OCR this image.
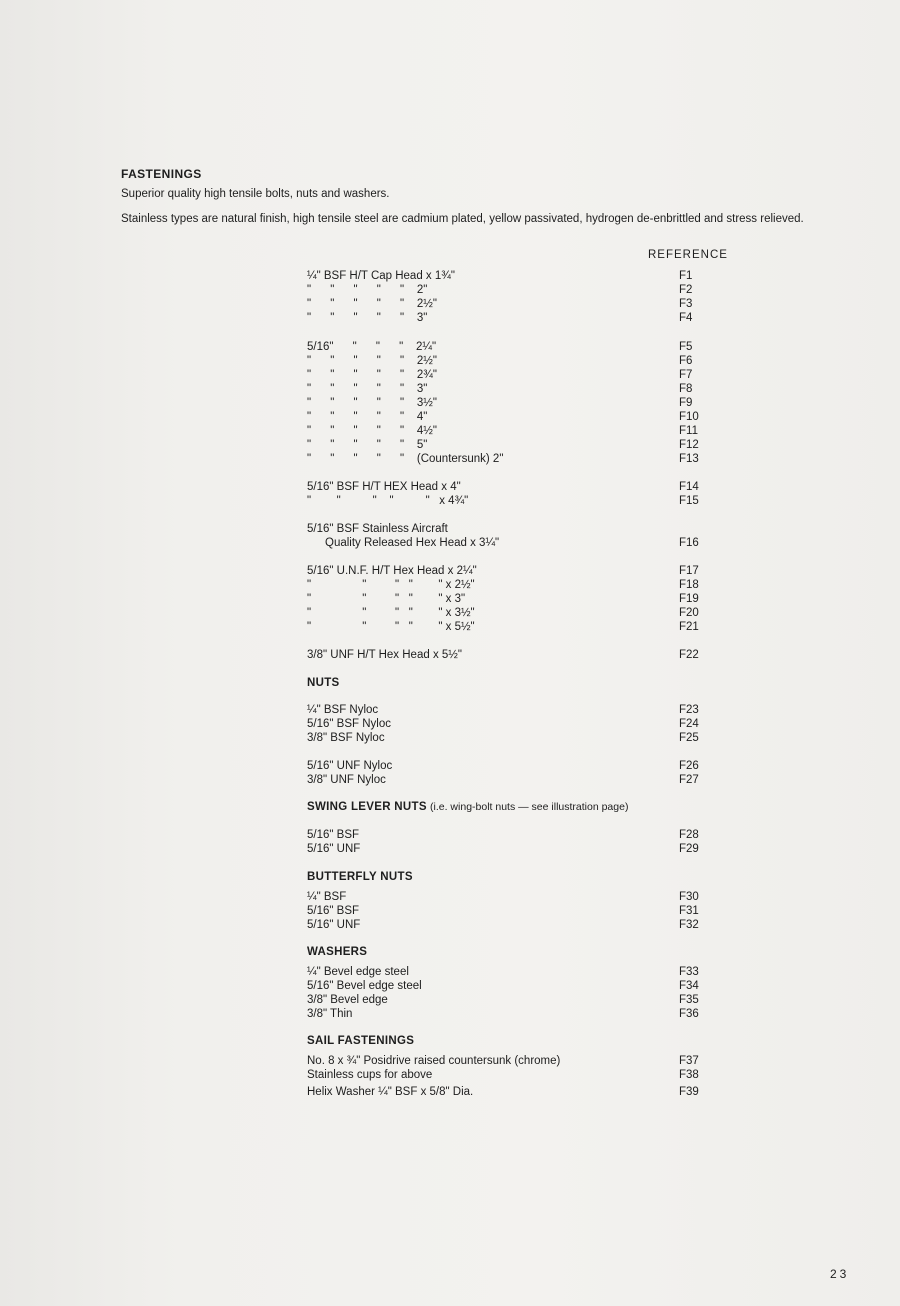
FASTENINGS
Superior quality high tensile bolts, nuts and washers.
Stainless types are natural finish, high tensile steel are cadmium plated, yellow passivated, hydrogen de-enbrittled and stress relieved.
REFERENCE
¼" BSF H/T Cap Head x 1¾"	F1
"      "      "      "      "    2"	F2
"      "      "      "      "    2½"	F3
"      "      "      "      "    3"	F4
5/16"      "      "      "    2¼"	F5
"      "      "      "      "    2½"	F6
"      "      "      "      "    2¾"	F7
"      "      "      "      "    3"	F8
"      "      "      "      "    3½"	F9
"      "      "      "      "    4"	F10
"      "      "      "      "    4½"	F11
"      "      "      "      "    5"	F12
"      "      "      "      "    (Countersunk) 2"	F13
5/16" BSF H/T HEX Head x 4"	F14
"        "          "    "          "   x 4¾"	F15
5/16" BSF Stainless Aircraft
Quality Released Hex Head x 3¼"	F16
5/16" U.N.F. H/T Hex Head x 2¼"	F17
"                "         "   "        " x 2½"	F18
"                "         "   "        " x 3"	F19
"                "         "   "        " x 3½"	F20
"                "         "   "        " x 5½"	F21
3/8" UNF H/T Hex Head x 5½"	F22
¼" BSF Nyloc	F23
5/16" BSF Nyloc	F24
3/8" BSF Nyloc	F25
5/16" UNF Nyloc	F26
3/8" UNF Nyloc	F27
5/16" BSF	F28
5/16" UNF	F29
¼" BSF	F30
5/16" BSF	F31
5/16" UNF	F32
¼" Bevel edge steel	F33
5/16" Bevel edge steel	F34
3/8" Bevel edge	F35
3/8" Thin	F36
No. 8 x ¾" Posidrive raised countersunk (chrome)	F37
Stainless cups for above	F38
Helix Washer ¼" BSF x 5/8" Dia.	F39
NUTS
SWING LEVER NUTS (i.e. wing-bolt nuts — see illustration page)
BUTTERFLY NUTS
WASHERS
SAIL FASTENINGS
23
